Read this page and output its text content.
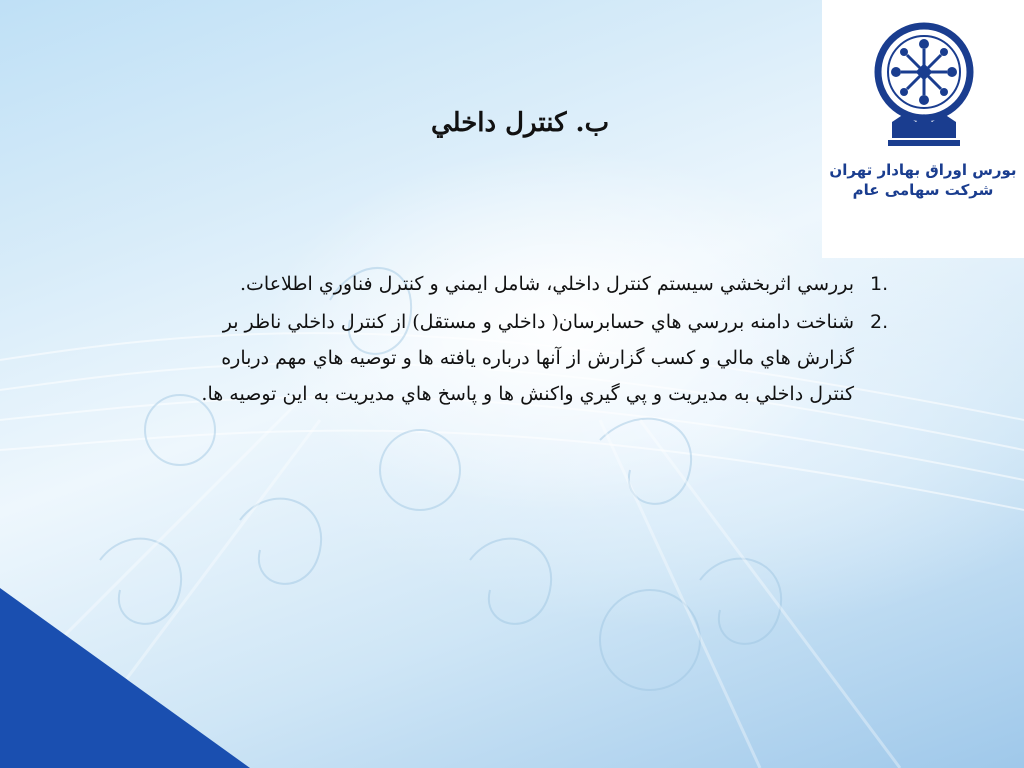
بورس اوراق بهادار تهران
شرکت سهامی عام
ب. کنترل داخلي
1.
بررسي اثربخشي سيستم کنترل داخلي، شامل ايمني و کنترل فناوري اطلاعات.
2.
شناخت دامنه بررسي هاي حسابرسان( داخلي و مستقل) از کنترل داخلي ناظر بر گزارش هاي مالي و کسب گزارش از آنها درباره يافته ها و توصيه هاي مهم درباره کنترل داخلي به مديريت و پي گيري واکنش ها و پاسخ هاي مديريت به اين توصيه ها.
